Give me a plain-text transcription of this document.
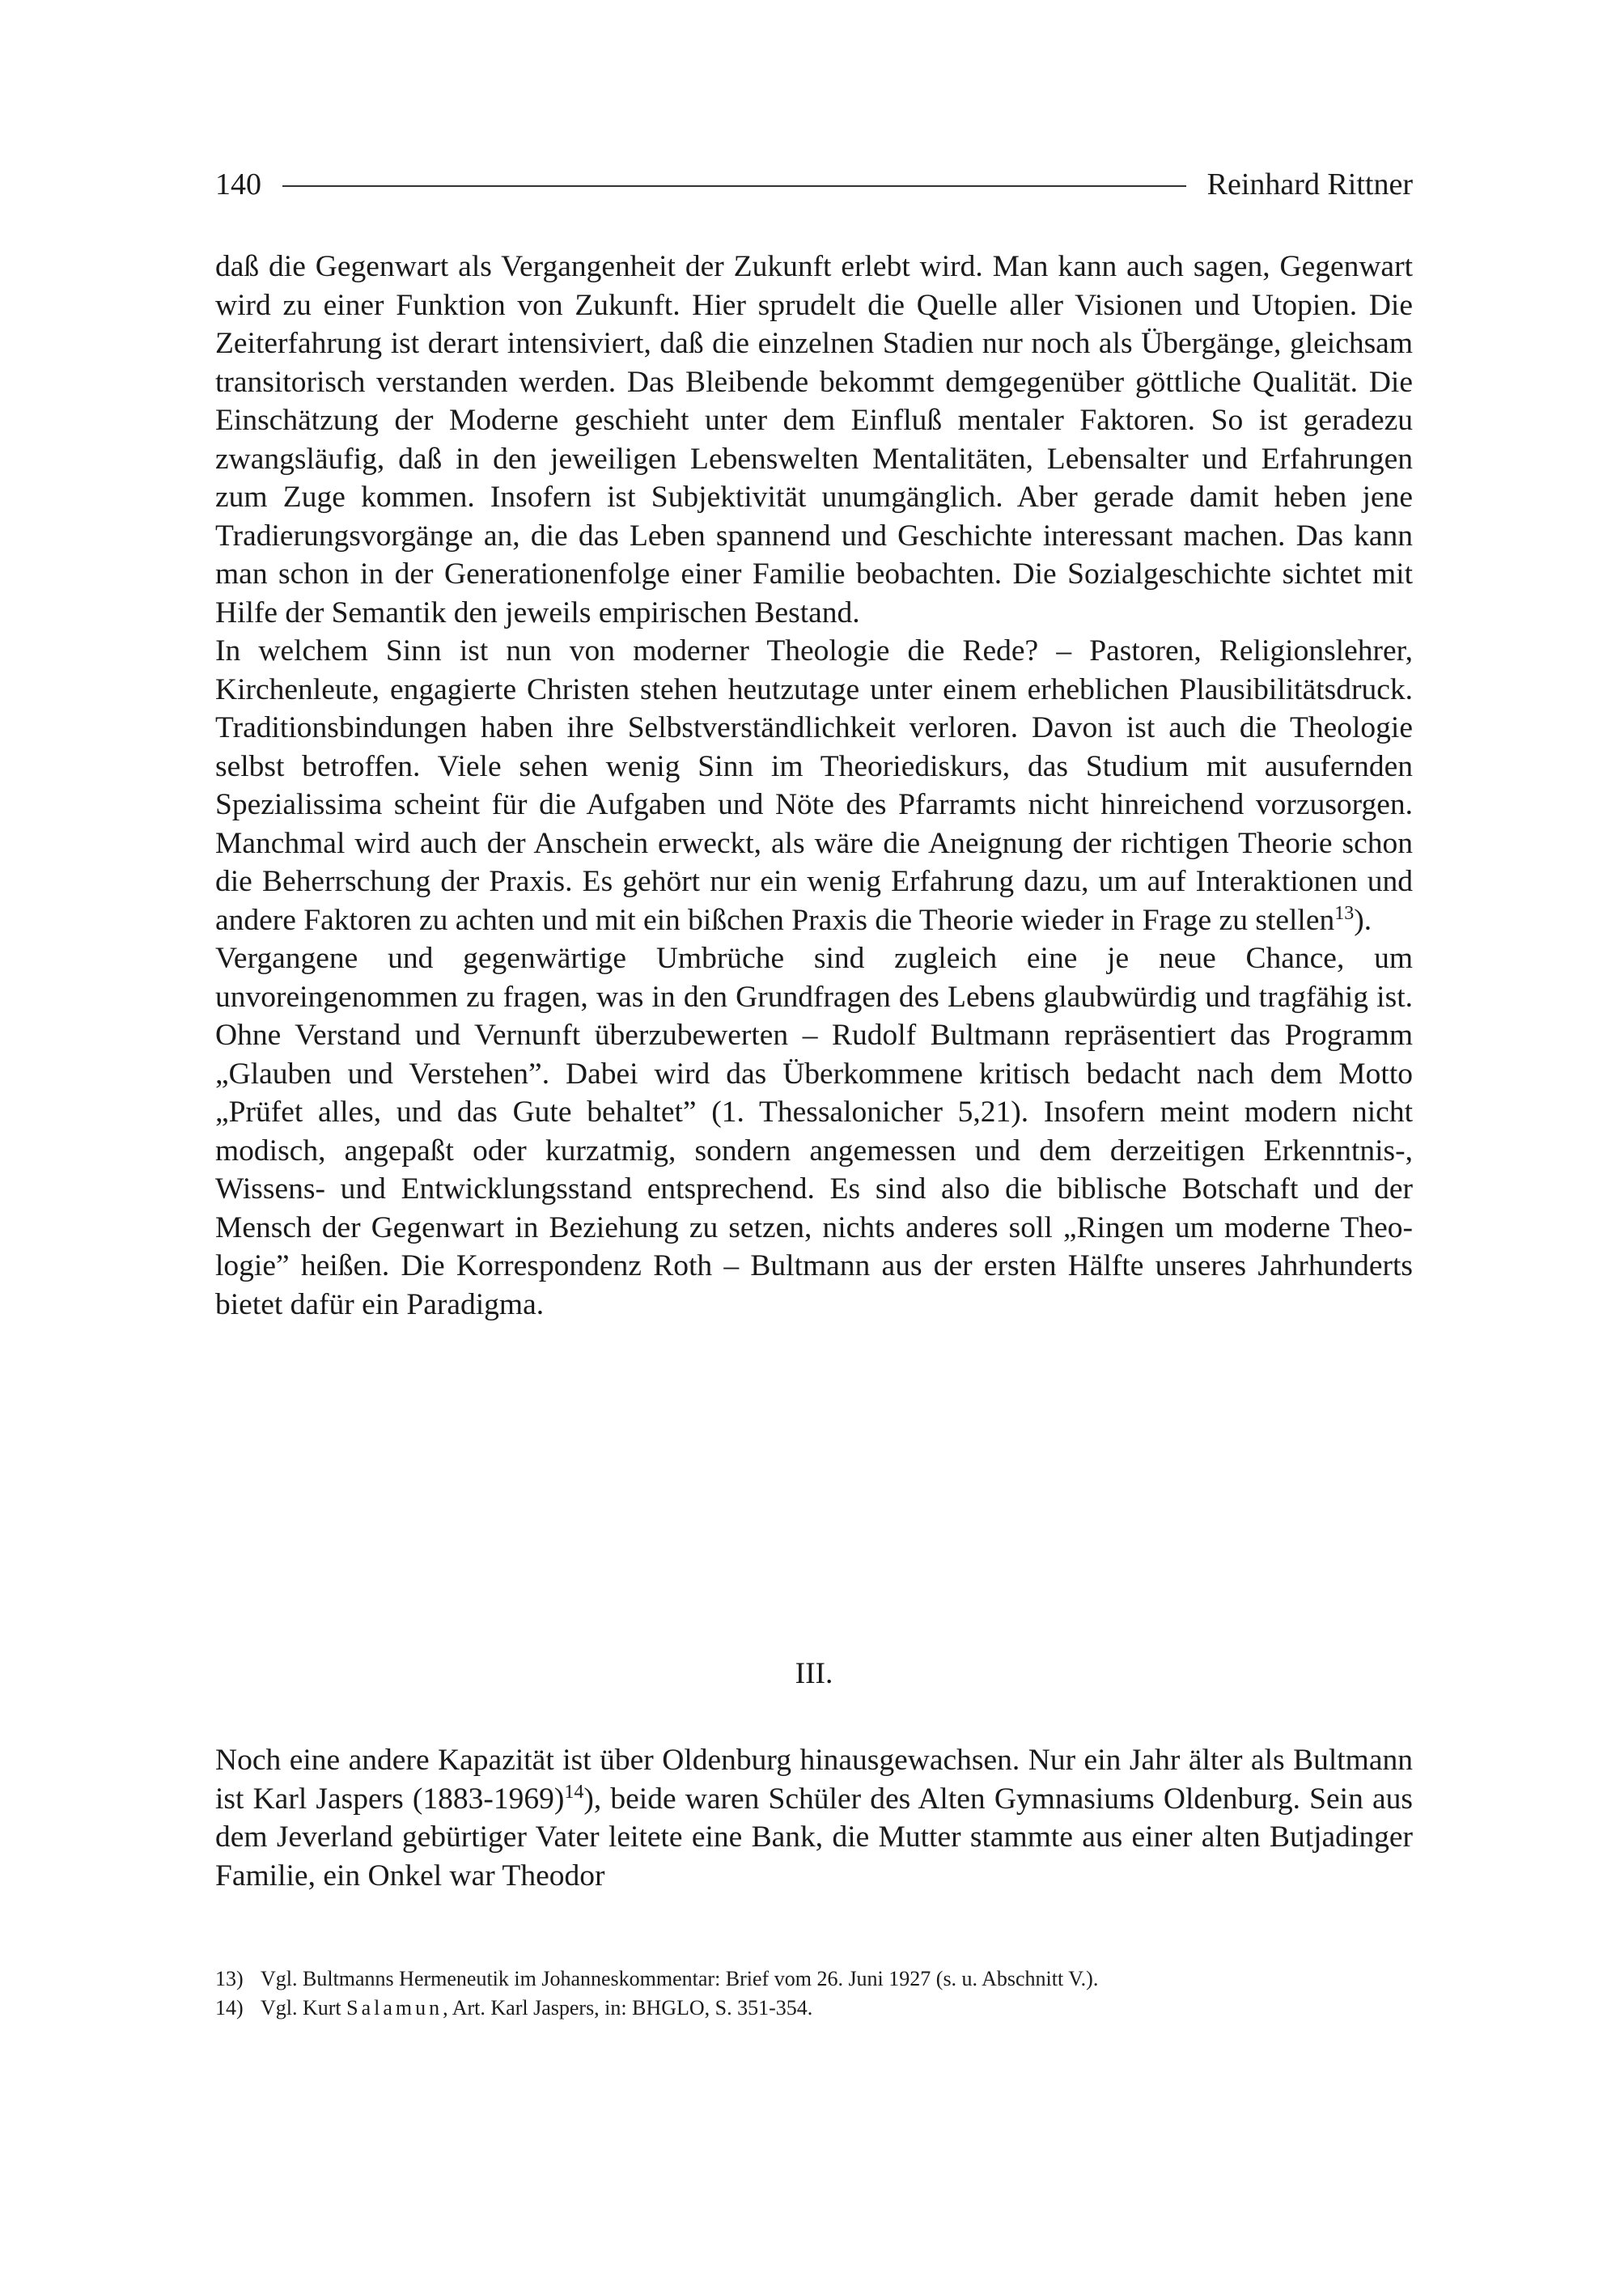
140	Reinhard Rittner

daß die Gegenwart als Vergangenheit der Zukunft erlebt wird. Man kann auch sagen, Gegenwart wird zu einer Funktion von Zukunft. Hier sprudelt die Quelle aller Visionen und Utopien. Die Zeiterfahrung ist derart intensiviert, daß die einzelnen Stadien nur noch als Übergänge, gleichsam transitorisch verstanden werden. Das Bleibende bekommt demgegenüber göttliche Qualität. Die Einschätzung der Moderne geschieht unter dem Einfluß mentaler Faktoren. So ist geradezu zwangsläufig, daß in den jeweiligen Lebenswelten Mentalitäten, Lebensalter und Erfahrungen zum Zuge kommen. Insofern ist Subjektivität unumgänglich. Aber gerade damit heben jene Tradierungsvorgänge an, die das Leben spannend und Geschichte interessant machen. Das kann man schon in der Generationenfolge einer Familie beobachten. Die Sozialgeschichte sichtet mit Hilfe der Semantik den jeweils empirischen Bestand.

In welchem Sinn ist nun von moderner Theologie die Rede? – Pastoren, Religionslehrer, Kirchenleute, engagierte Christen stehen heutzutage unter einem erheblichen Plausibilitätsdruck. Traditionsbindungen haben ihre Selbstverständlichkeit verloren. Davon ist auch die Theologie selbst betroffen. Viele sehen wenig Sinn im Theoriediskurs, das Studium mit ausufernden Spezialissima scheint für die Aufgaben und Nöte des Pfarramts nicht hinreichend vorzusorgen. Manchmal wird auch der Anschein erweckt, als wäre die Aneignung der richtigen Theorie schon die Beherrschung der Praxis. Es gehört nur ein wenig Erfahrung dazu, um auf Interaktionen und andere Faktoren zu achten und mit ein bißchen Praxis die Theorie wieder in Frage zu stellen$^{13}$).

Vergangene und gegenwärtige Umbrüche sind zugleich eine je neue Chance, um unvoreingenommen zu fragen, was in den Grundfragen des Lebens glaubwürdig und tragfähig ist. Ohne Verstand und Vernunft überzubewerten – Rudolf Bultmann repräsentiert das Programm „Glauben und Verstehen”. Dabei wird das Überkommene kritisch bedacht nach dem Motto „Prüfet alles, und das Gute behaltet” (1. Thessalonicher 5,21). Insofern meint modern nicht modisch, angepaßt oder kurzatmig, sondern angemessen und dem derzeitigen Erkenntnis-, Wissens- und Entwicklungsstand entsprechend. Es sind also die biblische Botschaft und der Mensch der Gegenwart in Beziehung zu setzen, nichts anderes soll „Ringen um moderne Theologie” heißen. Die Korrespondenz Roth – Bultmann aus der ersten Hälfte unseres Jahrhunderts bietet dafür ein Paradigma.

III.

Noch eine andere Kapazität ist über Oldenburg hinausgewachsen. Nur ein Jahr älter als Bultmann ist Karl Jaspers (1883-1969)$^{14}$), beide waren Schüler des Alten Gymnasiums Oldenburg. Sein aus dem Jeverland gebürtiger Vater leitete eine Bank, die Mutter stammte aus einer alten Butjadinger Familie, ein Onkel war Theodor

13) Vgl. Bultmanns Hermeneutik im Johanneskommentar: Brief vom 26. Juni 1927 (s. u. Abschnitt V.).
14) Vgl. Kurt Salamun, Art. Karl Jaspers, in: BHGLO, S. 351-354.
